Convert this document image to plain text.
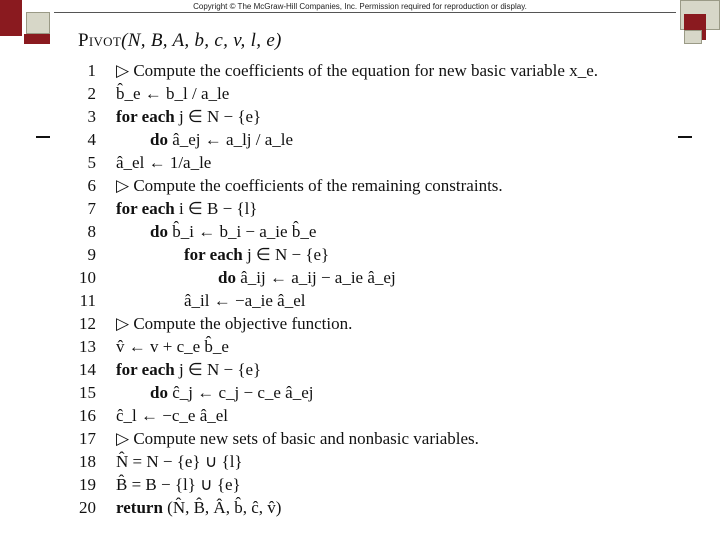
Copyright © The McGraw-Hill Companies, Inc. Permission required for reproduction or display.
Pivot(N, B, A, b, c, v, l, e)
1 ▷ Compute the coefficients of the equation for new basic variable x_e.
2 b̂_e ← b_l / a_le
3 for each j ∈ N − {e}
4	do â_ej ← a_lj / a_le
5 â_el ← 1/a_le
6 ▷ Compute the coefficients of the remaining constraints.
7 for each i ∈ B − {l}
8	do b̂_i ← b_i − a_ie b̂_e
9	for each j ∈ N − {e}
10	do â_ij ← a_ij − a_ie â_ej
11	â_il ← −a_ie â_el
12 ▷ Compute the objective function.
13 v̂ ← v + c_e b̂_e
14 for each j ∈ N − {e}
15	do ĉ_j ← c_j − c_e â_ej
16 ĉ_l ← −c_e â_el
17 ▷ Compute new sets of basic and nonbasic variables.
18 N̂ = N − {e} ∪ {l}
19 B̂ = B − {l} ∪ {e}
20 return (N̂, B̂, Â, b̂, ĉ, v̂)
